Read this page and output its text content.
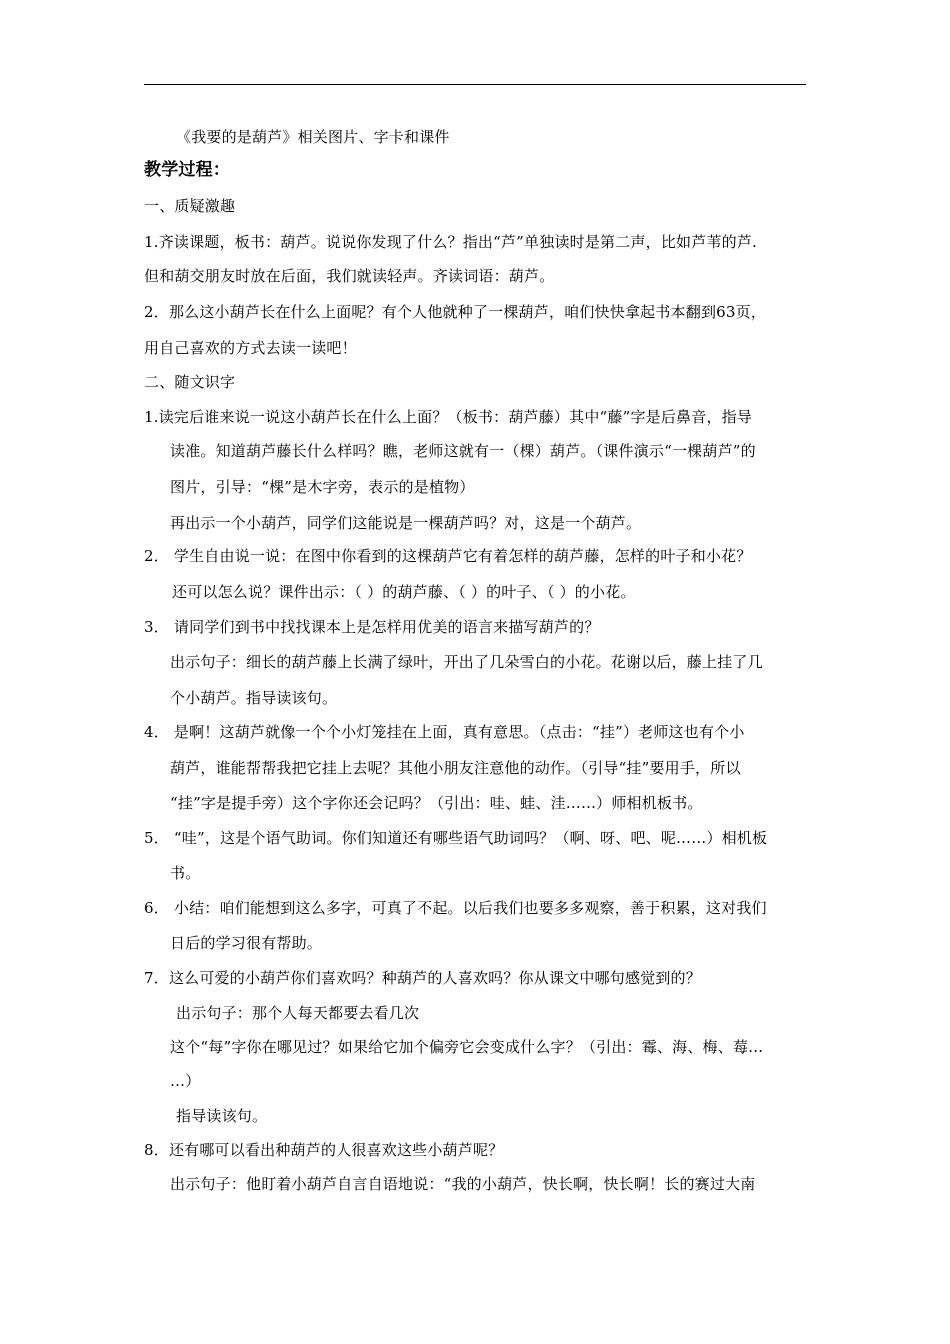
《我要的是葫芦》相关图片、字卡和课件
教学过程：
一、质疑激趣
1.齐读课题，板书：葫芦。说说你发现了什么？指出“芦”单独读时是第二声，比如芦苇的芦.
但和葫交朋友时放在后面，我们就读轻声。齐读词语：葫芦。
2．那么这小葫芦长在什么上面呢？有个人他就种了一棵葫芦，咱们快快拿起书本翻到63页，
用自己喜欢的方式去读一读吧！
二、随文识字
1.读完后谁来说一说这小葫芦长在什么上面？（板书：葫芦藤）其中“藤”字是后鼻音，指导
读准。知道葫芦藤长什么样吗？瞧，老师这就有一（棵）葫芦。（课件演示“一棵葫芦”的
图片，引导：“棵”是木字旁，表示的是植物）
再出示一个小葫芦，同学们这能说是一棵葫芦吗？对，这是一个葫芦。
2． 学生自由说一说：在图中你看到的这棵葫芦它有着怎样的葫芦藤，怎样的叶子和小花？
还可以怎么说？课件出示：（ ）的葫芦藤、（ ）的叶子、（ ）的小花。
3． 请同学们到书中找找课本上是怎样用优美的语言来描写葫芦的？
出示句子：细长的葫芦藤上长满了绿叶，开出了几朵雪白的小花。花谢以后，藤上挂了几
个小葫芦。指导读该句。
4． 是啊！这葫芦就像一个个小灯笼挂在上面，真有意思。（点击：“挂”）老师这也有个小
葫芦，谁能帮帮我把它挂上去呢？其他小朋友注意他的动作。（引导“挂”要用手，所以
“挂”字是提手旁）这个字你还会记吗？（引出：哇、蛙、洼……）师相机板书。
5． “哇”，这是个语气助词。你们知道还有哪些语气助词吗？（啊、呀、吧、呢……）相机板
书。
6． 小结：咱们能想到这么多字，可真了不起。以后我们也要多多观察，善于积累，这对我们
日后的学习很有帮助。
7．这么可爱的小葫芦你们喜欢吗？种葫芦的人喜欢吗？你从课文中哪句感觉到的？
出示句子：那个人每天都要去看几次
这个“每”字你在哪见过？如果给它加个偏旁它会变成什么字？（引出：霉、海、梅、莓…
…）
指导读该句。
8．还有哪可以看出种葫芦的人很喜欢这些小葫芦呢？
出示句子：他盯着小葫芦自言自语地说：“我的小葫芦，快长啊，快长啊！长的赛过大南
